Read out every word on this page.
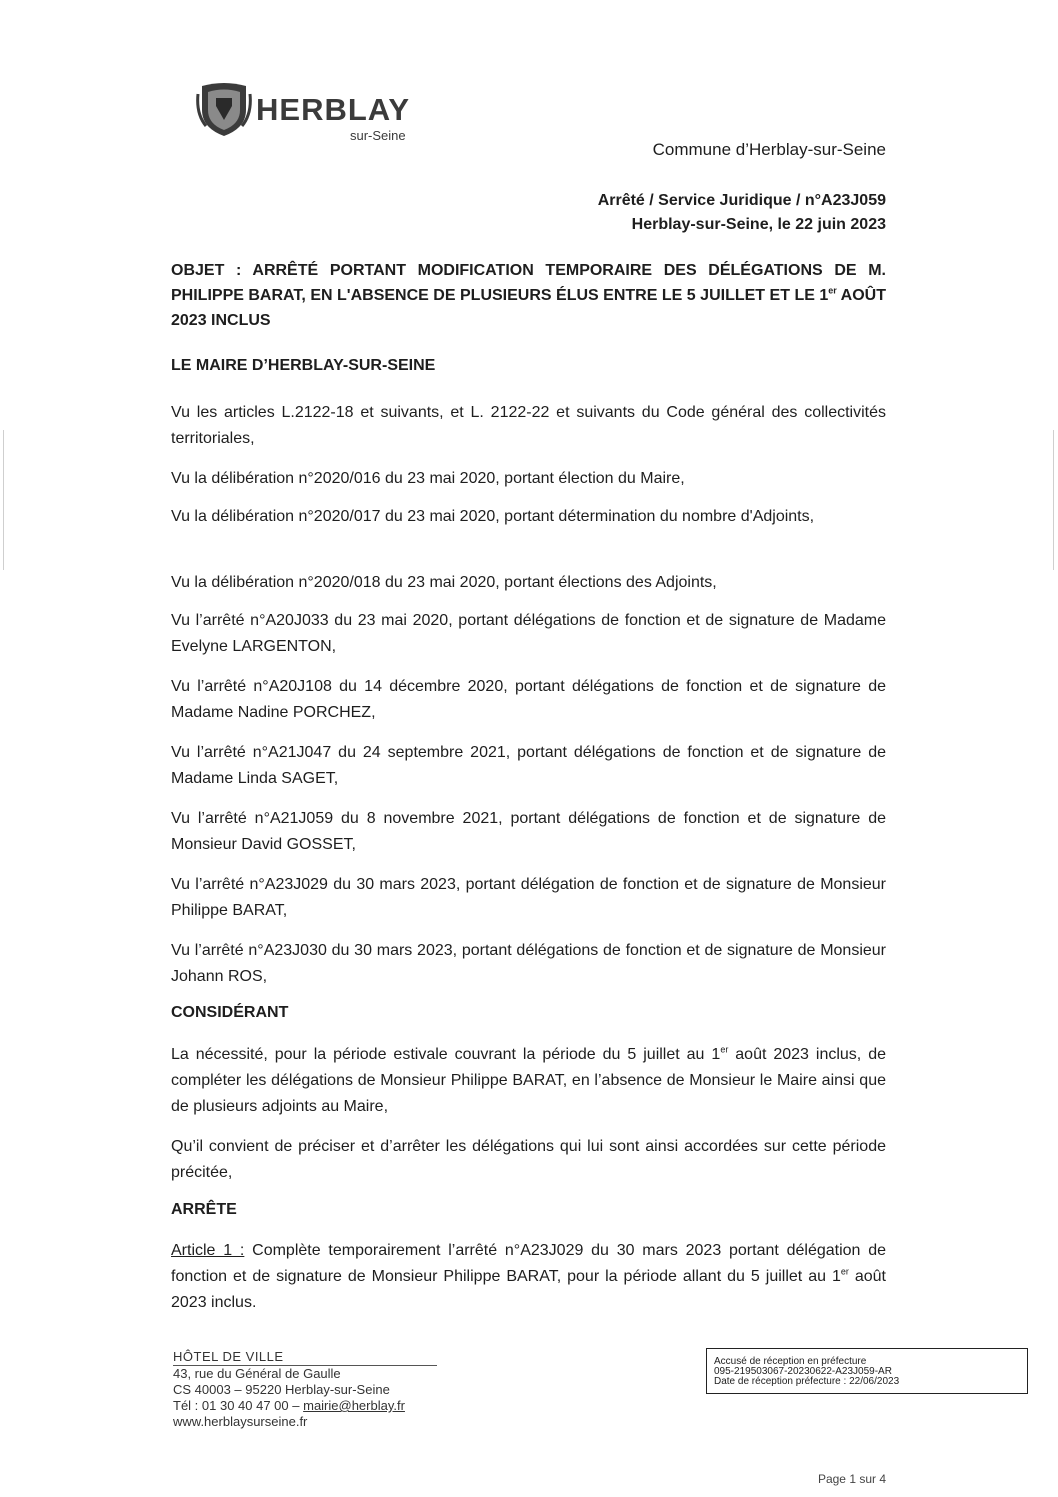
HERBLAY
sur-Seine
Commune d’Herblay-sur-Seine
Arrêté / Service Juridique / n°A23J059
Herblay-sur-Seine, le 22 juin 2023
OBJET : ARRÊTÉ PORTANT MODIFICATION TEMPORAIRE DES DÉLÉGATIONS DE M. PHILIPPE BARAT, EN L'ABSENCE DE PLUSIEURS ÉLUS ENTRE LE 5 JUILLET ET LE 1er AOÛT 2023 INCLUS
LE MAIRE D’HERBLAY-SUR-SEINE
Vu les articles L.2122-18 et suivants, et L. 2122-22 et suivants du Code général des collectivités territoriales,
Vu la délibération n°2020/016 du 23 mai 2020, portant élection du Maire,
Vu la délibération n°2020/017 du 23 mai 2020, portant détermination du nombre d'Adjoints,
Vu la délibération n°2020/018 du 23 mai 2020, portant élections des Adjoints,
Vu l’arrêté n°A20J033 du 23 mai 2020, portant délégations de fonction et de signature de Madame Evelyne LARGENTON,
Vu l’arrêté n°A20J108 du 14 décembre 2020, portant délégations de fonction et de signature de Madame Nadine PORCHEZ,
Vu l’arrêté n°A21J047 du 24 septembre 2021, portant délégations de fonction et de signature de Madame Linda SAGET,
Vu l’arrêté n°A21J059 du 8 novembre 2021, portant délégations de fonction et de signature de Monsieur David GOSSET,
Vu l’arrêté n°A23J029 du 30 mars 2023, portant délégation de fonction et de signature de Monsieur Philippe BARAT,
Vu l’arrêté n°A23J030 du 30 mars 2023, portant délégations de fonction et de signature de Monsieur Johann ROS,
CONSIDÉRANT
La nécessité, pour la période estivale couvrant la période du 5 juillet au 1er août 2023 inclus, de compléter les délégations de Monsieur Philippe BARAT, en l’absence de Monsieur le Maire ainsi que de plusieurs adjoints au Maire,
Qu’il convient de préciser et d’arrêter les délégations qui lui sont ainsi accordées sur cette période précitée,
ARRÊTE
Article 1 : Complète temporairement l’arrêté n°A23J029 du 30 mars 2023 portant délégation de fonction et de signature de Monsieur Philippe BARAT, pour la période allant du 5 juillet au 1er août 2023 inclus.
HÔTEL DE VILLE
43, rue du Général de Gaulle
CS 40003 – 95220 Herblay-sur-Seine
Tél : 01 30 40 47 00 – mairie@herblay.fr
www.herblaysurseine.fr
Accusé de réception en préfecture
095-219503067-20230622-A23J059-AR
Date de réception préfecture : 22/06/2023
Page 1 sur 4
